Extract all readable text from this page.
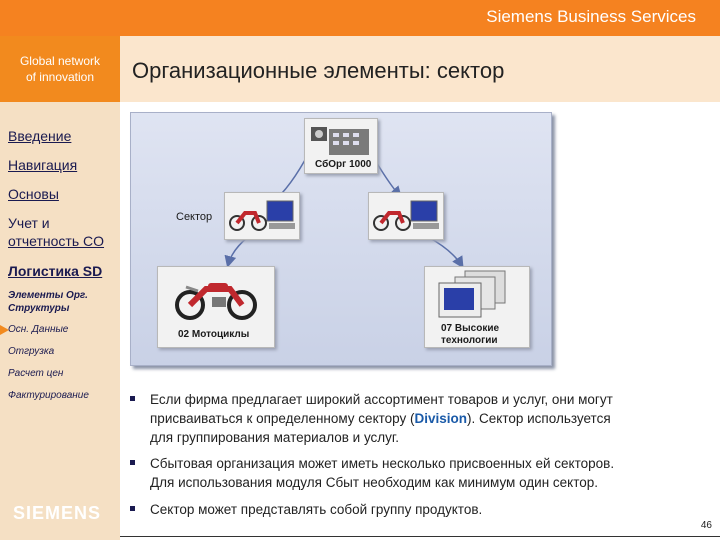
Siemens Business Services
Global network
of innovation	Организационные элементы: сектор
Введение
Навигация
Основы
Учет и
отчетность CO
Логистика SD
Элементы Орг.
Структуры
Осн. Данные
Отгрузка
Расчет цен
Фактурирование
SIEMENS
СбОрг 1000
Сектор
02 Мотоциклы
07 Высокие
технологии
Если фирма предлагает широкий ассортимент товаров и услуг, они могут
присваиваться к определенному сектору (Division). Сектор используется
для группирования материалов и услуг.
Сбытовая организация может иметь несколько присвоенных ей секторов.
Для использования модуля Сбыт необходим как минимум один сектор.
Сектор может представлять собой группу продуктов.
46
